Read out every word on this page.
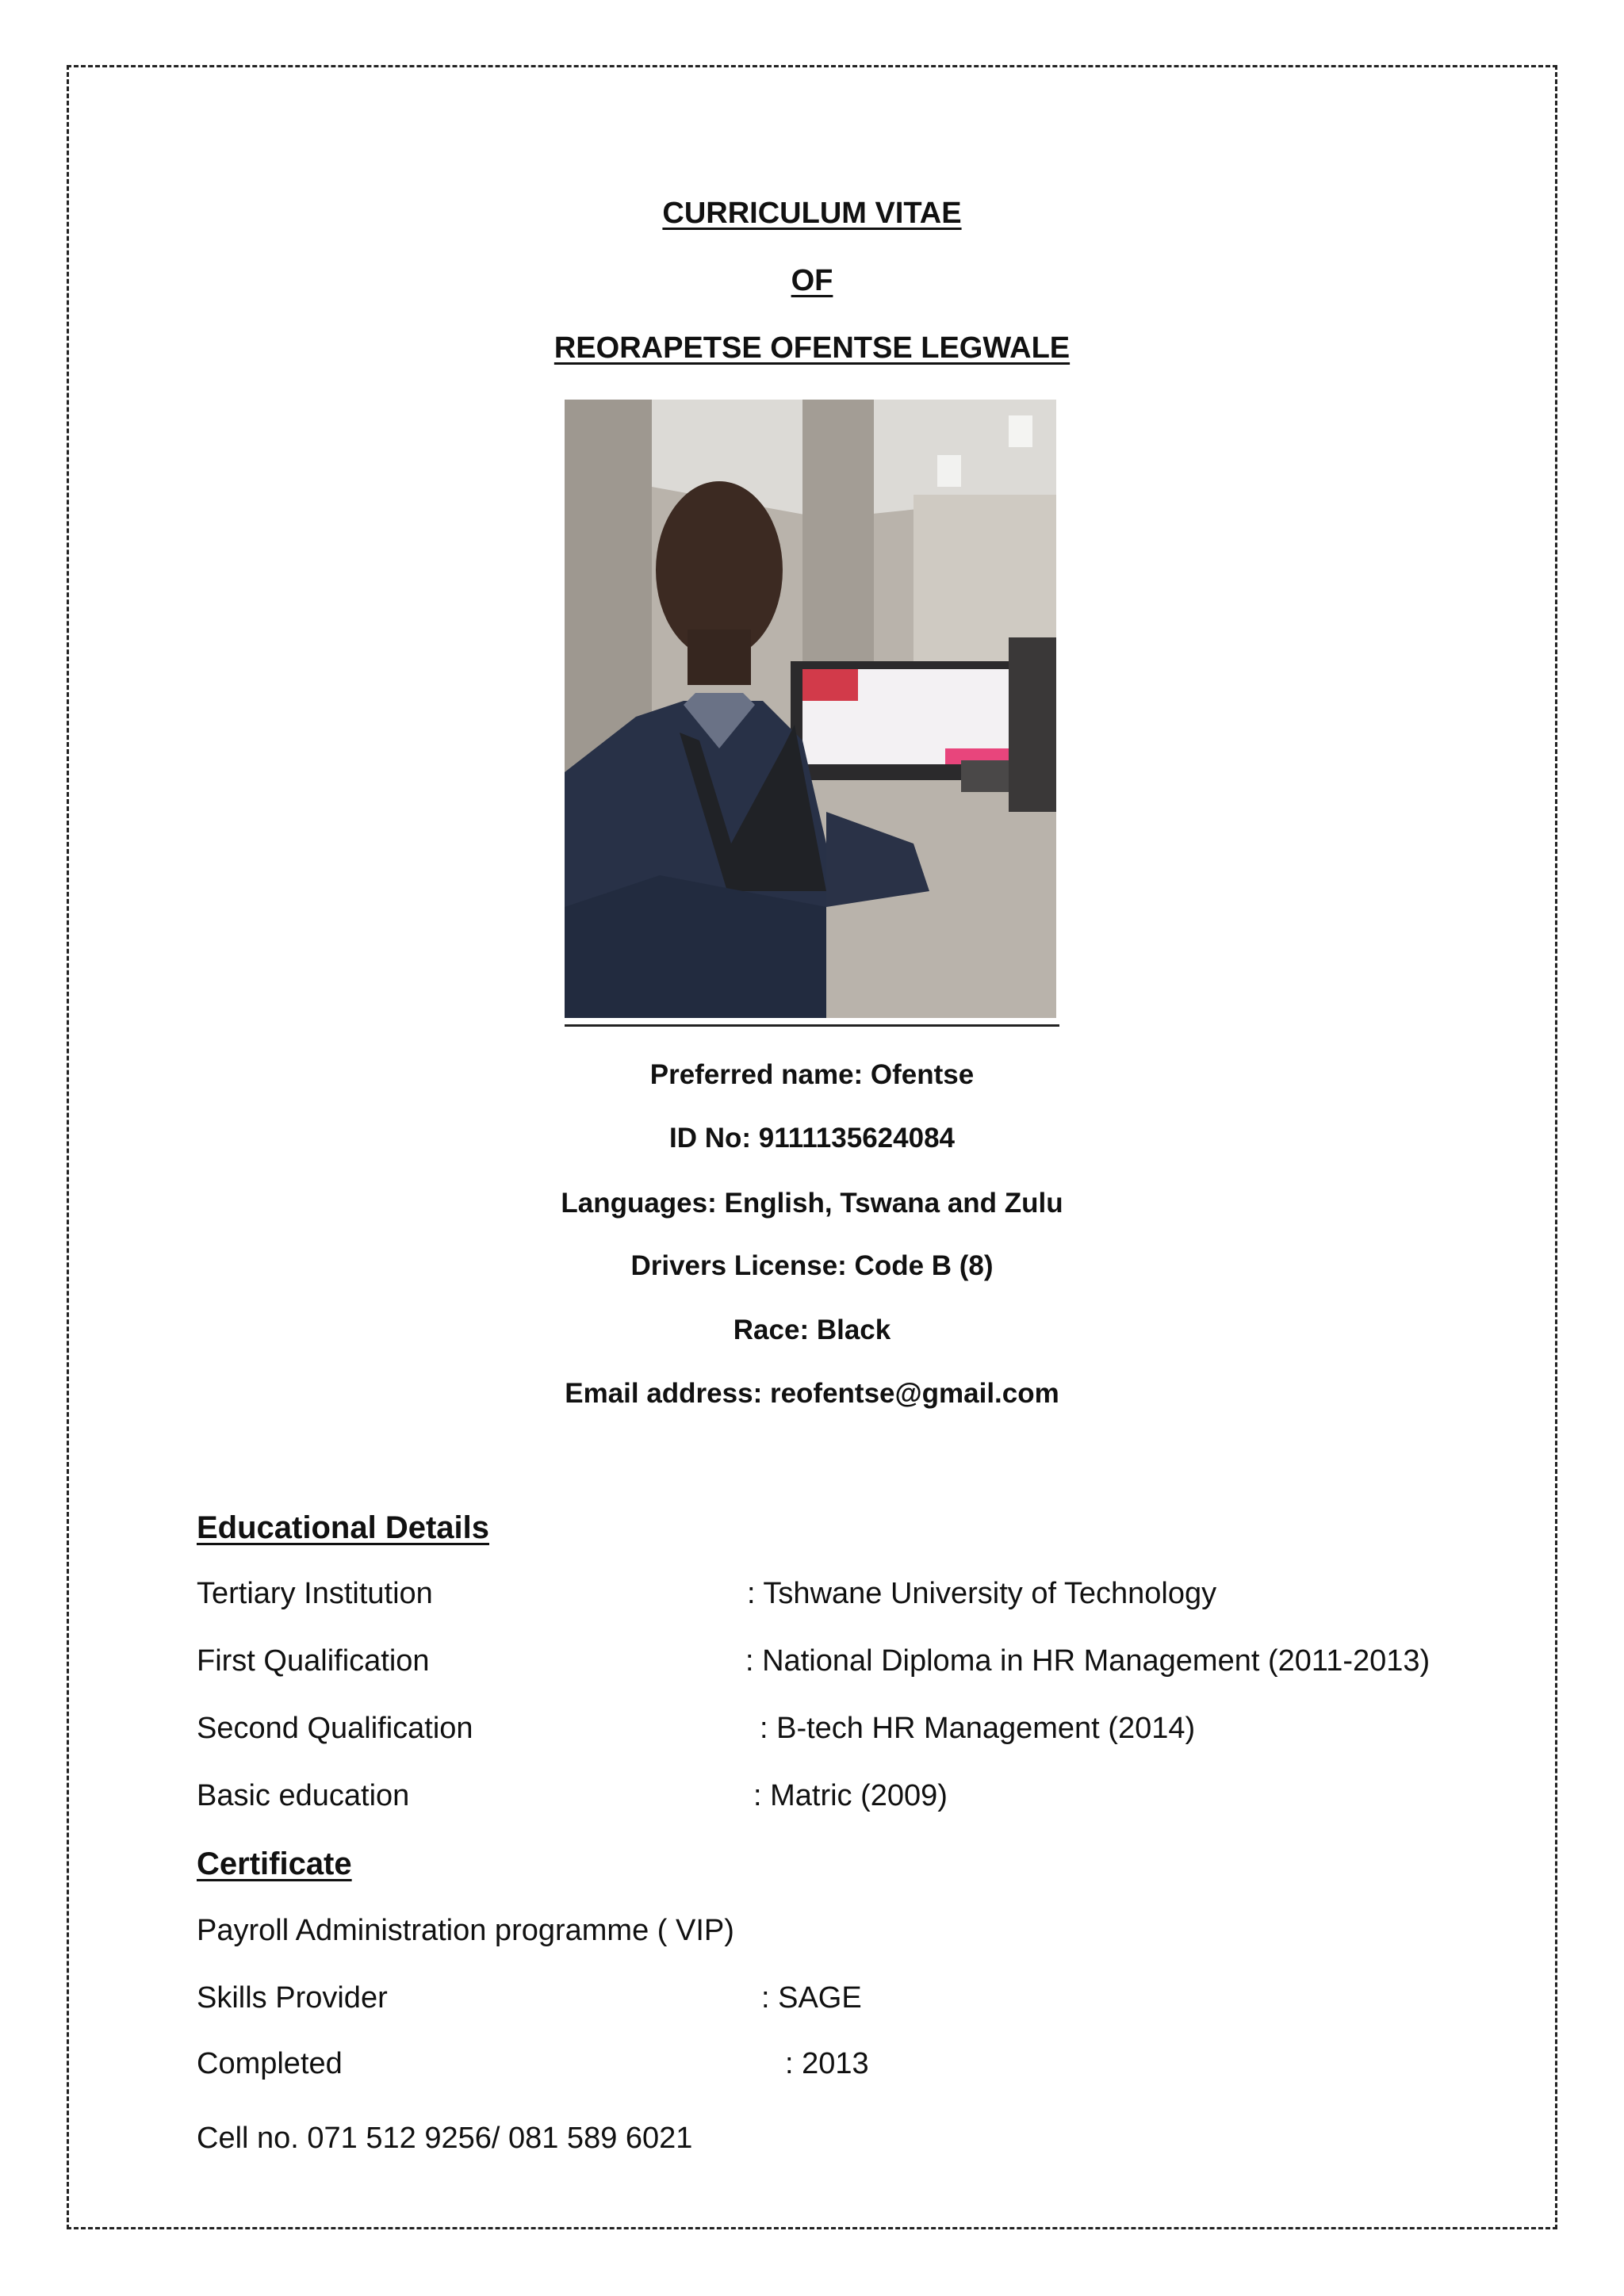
CURRICULUM VITAE
OF
REORAPETSE OFENTSE LEGWALE
Preferred name: Ofentse
ID No: 9111135624084
Languages: English, Tswana and Zulu
Drivers License: Code B (8)
Race: Black
Email address: reofentse@gmail.com
Educational Details
Tertiary Institution	: Tshwane University of Technology
First Qualification	: National Diploma in HR Management (2011-2013)
Second Qualification	: B-tech HR Management (2014)
Basic education	: Matric (2009)
Certificate
Payroll Administration programme ( VIP)
Skills Provider	: SAGE
Completed	: 2013
Cell no. 071 512 9256/ 081 589 6021
